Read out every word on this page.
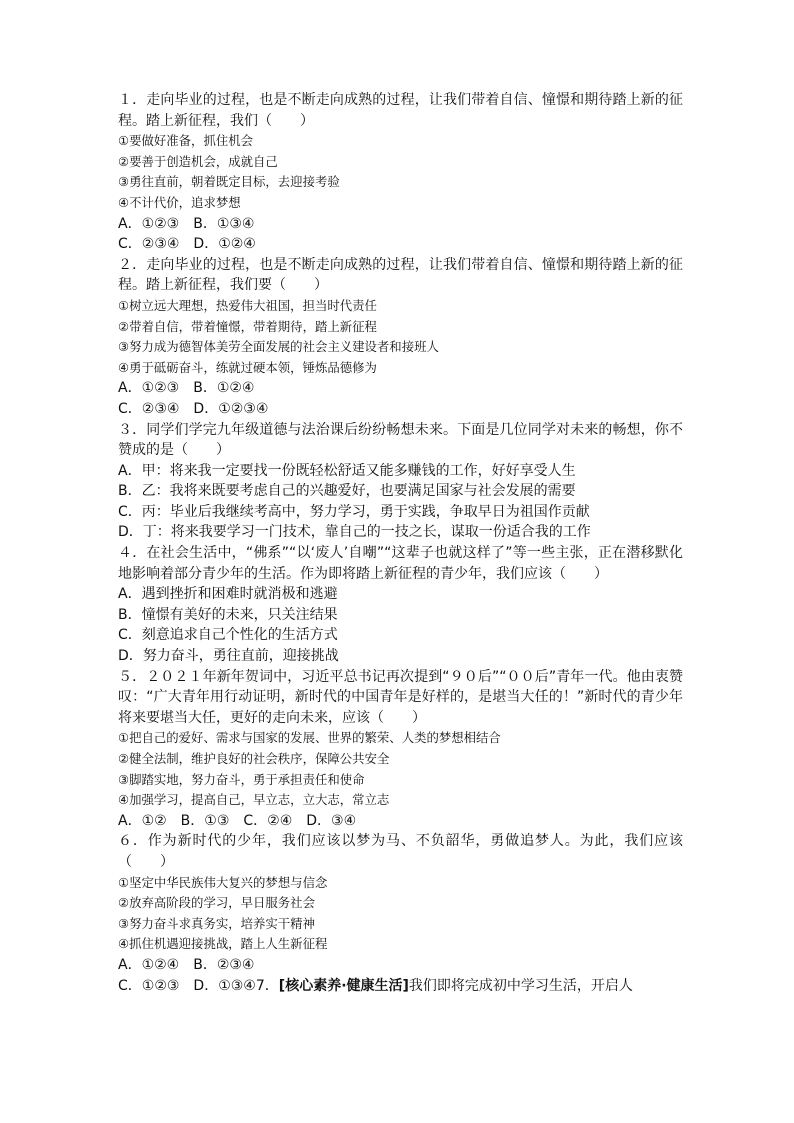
１．走向毕业的过程，也是不断走向成熟的过程，让我们带着自信、憧憬和期待踏上新的征程。踏上新征程，我们（　　）
①要做好准备，抓住机会
②要善于创造机会，成就自己
③勇往直前，朝着既定目标，去迎接考验
④不计代价，追求梦想
A．①②③　B．①③④
C．②③④　D．①②④
２．走向毕业的过程，也是不断走向成熟的过程，让我们带着自信、憧憬和期待踏上新的征程。踏上新征程，我们要（　　）
①树立远大理想，热爱伟大祖国，担当时代责任
②带着自信，带着憧憬，带着期待，踏上新征程
③努力成为德智体美劳全面发展的社会主义建设者和接班人
④勇于砥砺奋斗，练就过硬本领，锤炼品德修为
A．①②③　B．①②④
C．②③④　D．①②③④
３．同学们学完九年级道德与法治课后纷纷畅想未来。下面是几位同学对未来的畅想，你不赞成的是（　　）
A．甲：将来我一定要找一份既轻松舒适又能多赚钱的工作，好好享受人生
B．乙：我将来既要考虑自己的兴趣爱好，也要满足国家与社会发展的需要
C．丙：毕业后我继续考高中，努力学习，勇于实践，争取早日为祖国作贡献
D．丁：将来我要学习一门技术，靠自己的一技之长，谋取一份适合我的工作
４．在社会生活中，“佛系”“以‘废人’自嘲”“这辈子也就这样了”等一些主张，正在潜移默化地影响着部分青少年的生活。作为即将踏上新征程的青少年，我们应该（　　）
A．遇到挫折和困难时就消极和逃避
B．憧憬有美好的未来，只关注结果
C．刻意追求自己个性化的生活方式
D．努力奋斗，勇往直前，迎接挑战
５．２０２１年新年贺词中，习近平总书记再次提到“９０后”“００后”青年一代。他由衷赞叹：“广大青年用行动证明，新时代的中国青年是好样的，是堪当大任的！”新时代的青少年将来要堪当大任，更好的走向未来，应该（　　）
①把自己的爱好、需求与国家的发展、世界的繁荣、人类的梦想相结合
②健全法制，维护良好的社会秩序，保障公共安全
③脚踏实地，努力奋斗，勇于承担责任和使命
④加强学习，提高自己，早立志，立大志，常立志
A．①②　B．①③　C．②④　D．③④
６．作为新时代的少年，我们应该以梦为马、不负韶华，勇做追梦人。为此，我们应该（　　）
①坚定中华民族伟大复兴的梦想与信念
②放弃高阶段的学习，早日服务社会
③努力奋斗求真务实，培养实干精神
④抓住机遇迎接挑战，踏上人生新征程
A．①②④　B．②③④
C．①②③　D．①③④7．[核心素养·健康生活]我们即将完成初中学习生活，开启人
